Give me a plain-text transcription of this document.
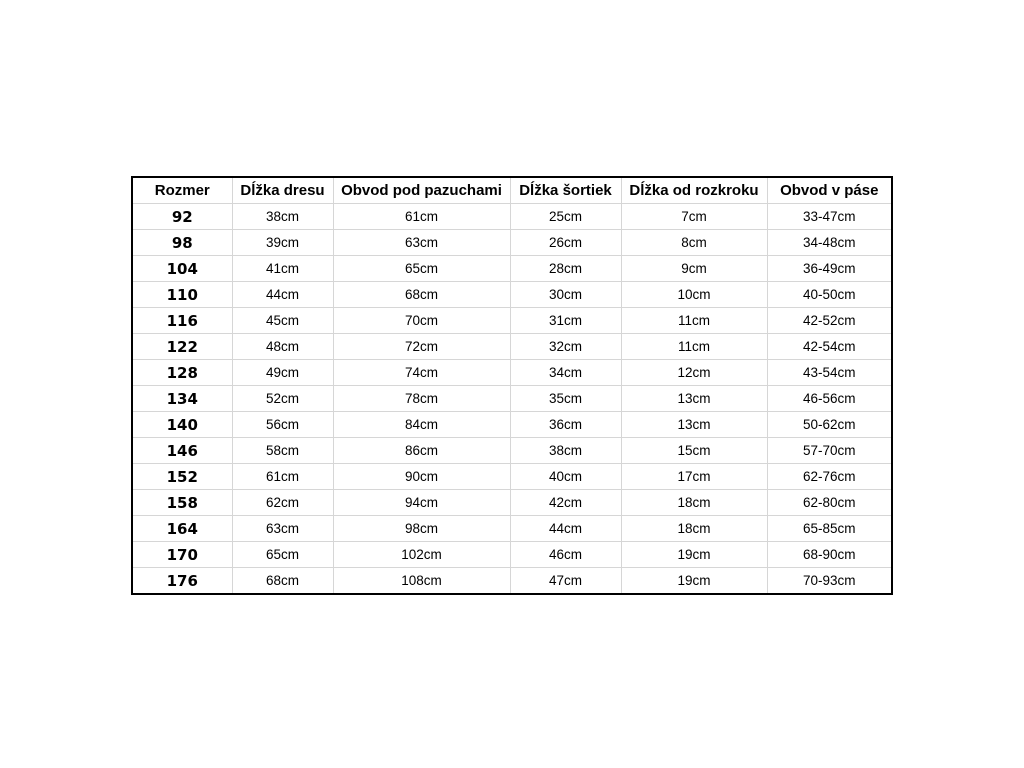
Rozmer	Dĺžka dresu	Obvod pod pazuchami	Dĺžka šortiek	Dĺžka od rozkroku	Obvod v páse
92	38cm	61cm	25cm	7cm	33-47cm
98	39cm	63cm	26cm	8cm	34-48cm
104	41cm	65cm	28cm	9cm	36-49cm
110	44cm	68cm	30cm	10cm	40-50cm
116	45cm	70cm	31cm	11cm	42-52cm
122	48cm	72cm	32cm	11cm	42-54cm
128	49cm	74cm	34cm	12cm	43-54cm
134	52cm	78cm	35cm	13cm	46-56cm
140	56cm	84cm	36cm	13cm	50-62cm
146	58cm	86cm	38cm	15cm	57-70cm
152	61cm	90cm	40cm	17cm	62-76cm
158	62cm	94cm	42cm	18cm	62-80cm
164	63cm	98cm	44cm	18cm	65-85cm
170	65cm	102cm	46cm	19cm	68-90cm
176	68cm	108cm	47cm	19cm	70-93cm
